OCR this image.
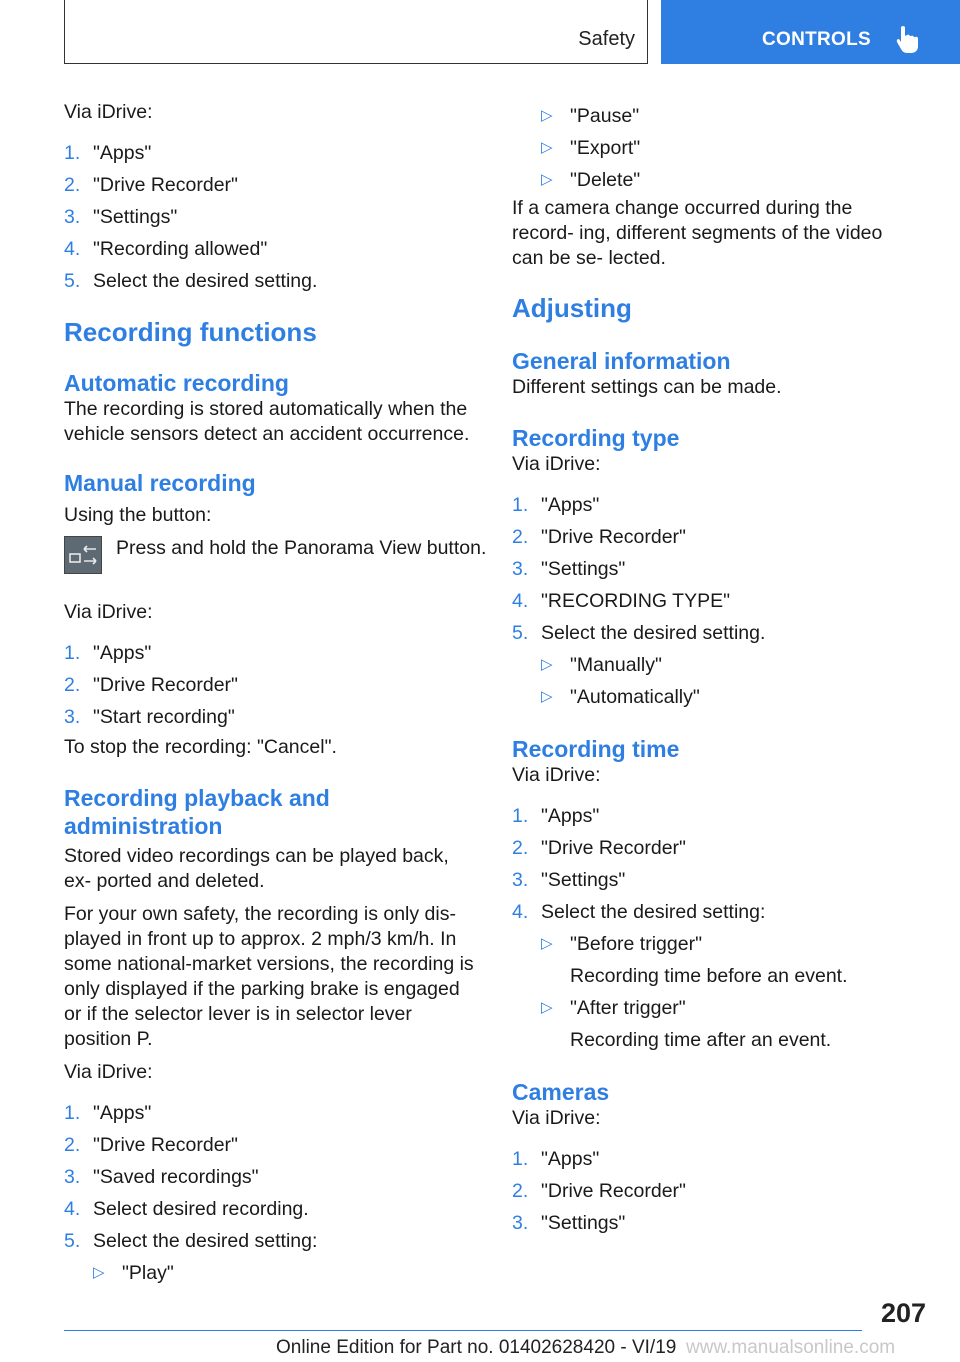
Safety	CONTROLS

Via iDrive:

1. "Apps"
2. "Drive Recorder"
3. "Settings"
4. "Recording allowed"
5. Select the desired setting.
Recording functions
Automatic recording

The recording is stored automatically when the vehicle sensors detect an accident occurrence.

Manual recording

Using the button:

Press and hold the Panorama View button.

Via iDrive:

1. "Apps"
2. "Drive Recorder"
3. "Start recording"

To stop the recording: "Cancel".

Recording playback and administration

Stored video recordings can be played back, ex‑ ported and deleted.

For your own safety, the recording is only dis‑ played in front up to approx. 2 mph/3 km/h. In some national‑market versions, the recording is only displayed if the parking brake is engaged or if the selector lever is in selector lever position P.

Via iDrive:

1. "Apps"
2. "Drive Recorder"
3. "Saved recordings"
4. Select desired recording.
5. Select the desired setting:
▷ "Play"
▷ "Pause"
▷ "Export"
▷ "Delete"

If a camera change occurred during the record‑ ing, different segments of the video can be se‑ lected.

Adjusting
General information

Different settings can be made.

Recording type

Via iDrive:

1. "Apps"
2. "Drive Recorder"
3. "Settings"
4. "RECORDING TYPE"
5. Select the desired setting.
▷ "Manually"
▷ "Automatically"
Recording time

Via iDrive:

1. "Apps"
2. "Drive Recorder"
3. "Settings"
4. Select the desired setting:
▷ "Before trigger"
Recording time before an event.
▷ "After trigger"
Recording time after an event.
Cameras

Via iDrive:

1. "Apps"
2. "Drive Recorder"
3. "Settings"
207
Online Edition for Part no. 01402628420 - VI/19 www.manualsonline.com
